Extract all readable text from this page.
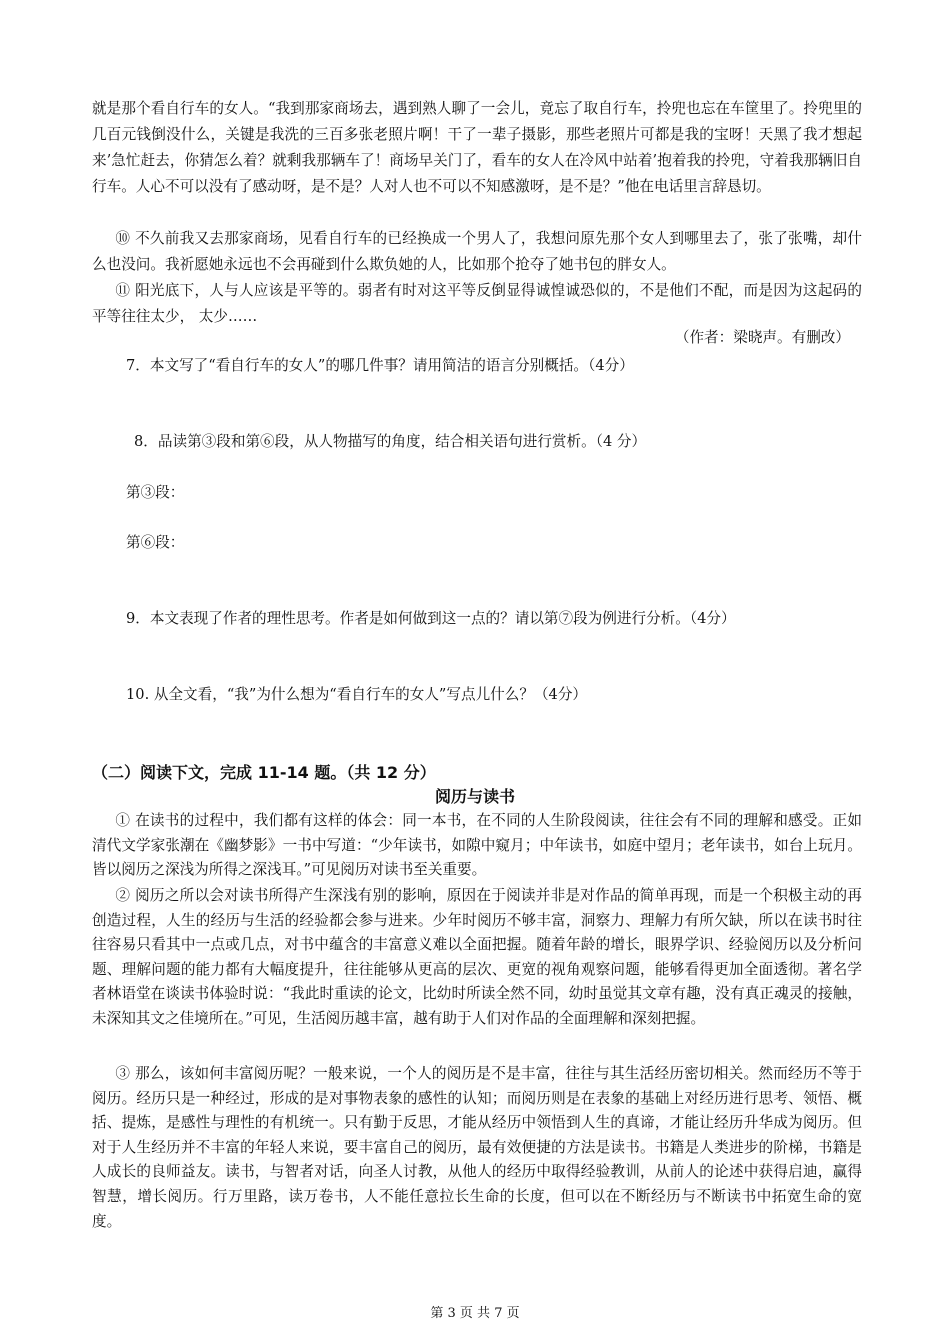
就是那个看自行车的女人。“我到那家商场去，遇到熟人聊了一会儿，竟忘了取自行车，拎兜也忘在车筐里了。拎兜里的几百元钱倒没什么，关键是我洗的三百多张老照片啊！干了一辈子摄影，那些老照片可都是我的宝呀！天黑了我才想起来’急忙赶去，你猜怎么着？就剩我那辆车了！商场早关门了，看车的女人在冷风中站着’抱着我的拎兜，守着我那辆旧自行车。人心不可以没有了感动呀，是不是？人对人也不可以不知感激呀，是不是？”他在电话里言辞恳切。

⑩ 不久前我又去那家商场，见看自行车的已经换成一个男人了，我想问原先那个女人到哪里去了，张了张嘴，却什么也没问。我祈愿她永远也不会再碰到什么欺负她的人，比如那个抢夺了她书包的胖女人。

⑪ 阳光底下，人与人应该是平等的。弱者有时对这平等反倒显得诚惶诚恐似的，不是他们不配，而是因为这起码的平等往往太少， 太少……

（作者：梁晓声。有删改）

7．本文写了“看自行车的女人”的哪几件事？请用简洁的语言分别概括。（4分）

8．品读第③段和第⑥段，从人物描写的角度，结合相关语句进行赏析。（4 分）

第③段：

第⑥段：

9．本文表现了作者的理性思考。作者是如何做到这一点的？请以第⑦段为例进行分析。（4分）

10. 从全文看，“我”为什么想为“看自行车的女人”写点儿什么？（4分）

（二）阅读下文，完成 11-14 题。（共 12 分）
阅历与读书

① 在读书的过程中，我们都有这样的体会：同一本书，在不同的人生阶段阅读，往往会有不同的理解和感受。正如清代文学家张潮在《幽梦影》一书中写道：“少年读书，如隙中窥月；中年读书，如庭中望月；老年读书，如台上玩月。皆以阅历之深浅为所得之深浅耳。”可见阅历对读书至关重要。

② 阅历之所以会对读书所得产生深浅有别的影响，原因在于阅读并非是对作品的简单再现，而是一个积极主动的再创造过程，人生的经历与生活的经验都会参与进来。少年时阅历不够丰富，洞察力、理解力有所欠缺，所以在读书时往往容易只看其中一点或几点，对书中蕴含的丰富意义难以全面把握。随着年龄的增长，眼界学识、经验阅历以及分析问题、理解问题的能力都有大幅度提升，往往能够从更高的层次、更宽的视角观察问题，能够看得更加全面透彻。著名学者林语堂在谈读书体验时说：“我此时重读的论文，比幼时所读全然不同，幼时虽觉其文章有趣，没有真正魂灵的接触，未深知其文之佳境所在。”可见，生活阅历越丰富，越有助于人们对作品的全面理解和深刻把握。

③ 那么，该如何丰富阅历呢？一般来说，一个人的阅历是不是丰富，往往与其生活经历密切相关。然而经历不等于阅历。经历只是一种经过，形成的是对事物表象的感性的认知；而阅历则是在表象的基础上对经历进行思考、领悟、概括、提炼，是感性与理性的有机统一。只有勤于反思，才能从经历中领悟到人生的真谛，才能让经历升华成为阅历。但对于人生经历并不丰富的年轻人来说，要丰富自己的阅历，最有效便捷的方法是读书。书籍是人类进步的阶梯，书籍是人成长的良师益友。读书，与智者对话，向圣人讨教，从他人的经历中取得经验教训，从前人的论述中获得启迪，赢得智慧，增长阅历。行万里路，读万卷书，人不能任意拉长生命的长度，但可以在不断经历与不断读书中拓宽生命的宽度。

第 3 页 共 7 页
